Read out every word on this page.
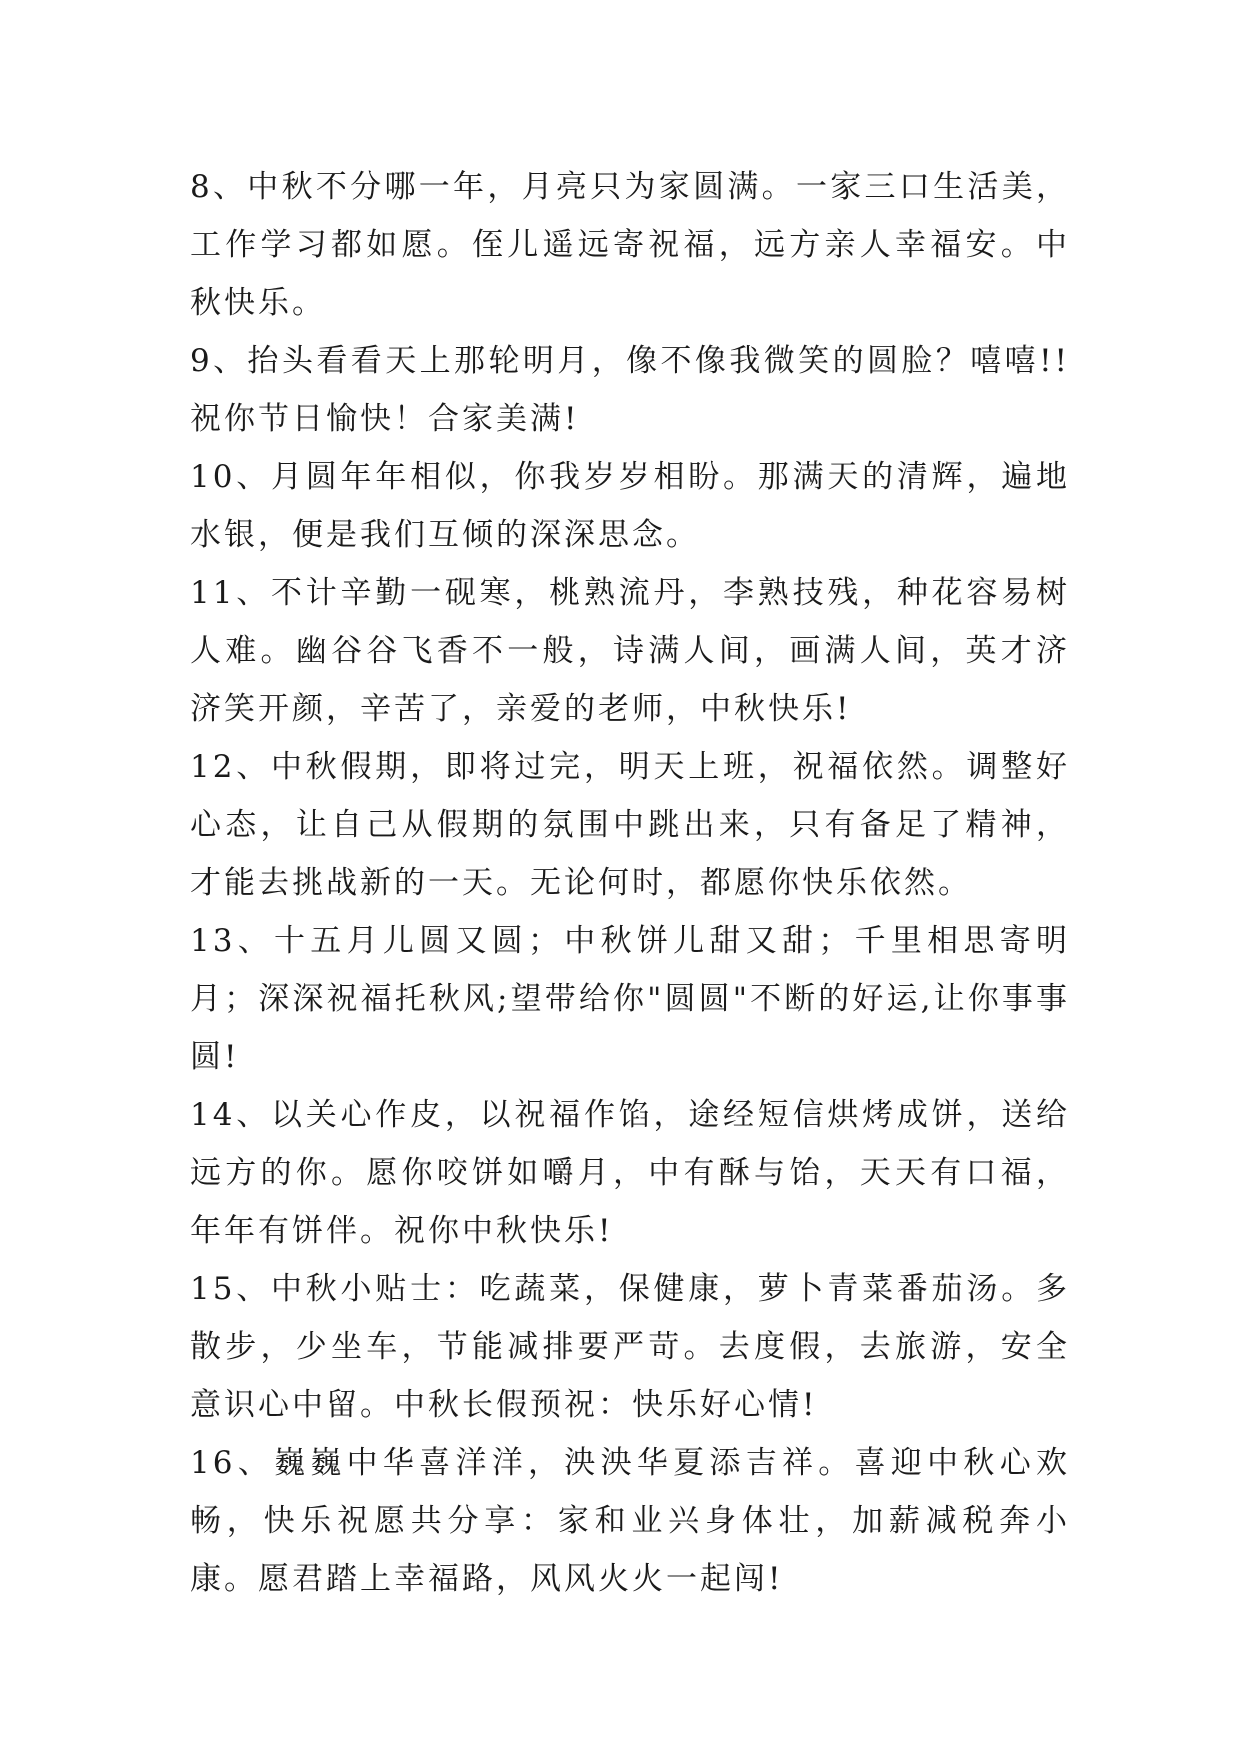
8、中秋不分哪一年，月亮只为家圆满。一家三口生活美，工作学习都如愿。侄儿遥远寄祝福，远方亲人幸福安。中秋快乐。

9、抬头看看天上那轮明月，像不像我微笑的圆脸？嘻嘻!!祝你节日愉快！合家美满!

10、月圆年年相似，你我岁岁相盼。那满天的清辉，遍地水银，便是我们互倾的深深思念。

11、不计辛勤一砚寒，桃熟流丹，李熟技残，种花容易树人难。幽谷谷飞香不一般，诗满人间，画满人间，英才济济笑开颜，辛苦了，亲爱的老师，中秋快乐!

12、中秋假期，即将过完，明天上班，祝福依然。调整好心态，让自己从假期的氛围中跳出来，只有备足了精神，才能去挑战新的一天。无论何时，都愿你快乐依然。

13、十五月儿圆又圆；中秋饼儿甜又甜；千里相思寄明月；深深祝福托秋风;望带给你"圆圆"不断的好运,让你事事圆!

14、以关心作皮，以祝福作馅，途经短信烘烤成饼，送给远方的你。愿你咬饼如嚼月，中有酥与饴，天天有口福，年年有饼伴。祝你中秋快乐!

15、中秋小贴士：吃蔬菜，保健康，萝卜青菜番茄汤。多散步，少坐车，节能减排要严苛。去度假，去旅游，安全意识心中留。中秋长假预祝：快乐好心情!

16、巍巍中华喜洋洋，泱泱华夏添吉祥。喜迎中秋心欢畅，快乐祝愿共分享：家和业兴身体壮，加薪减税奔小康。愿君踏上幸福路，风风火火一起闯!
